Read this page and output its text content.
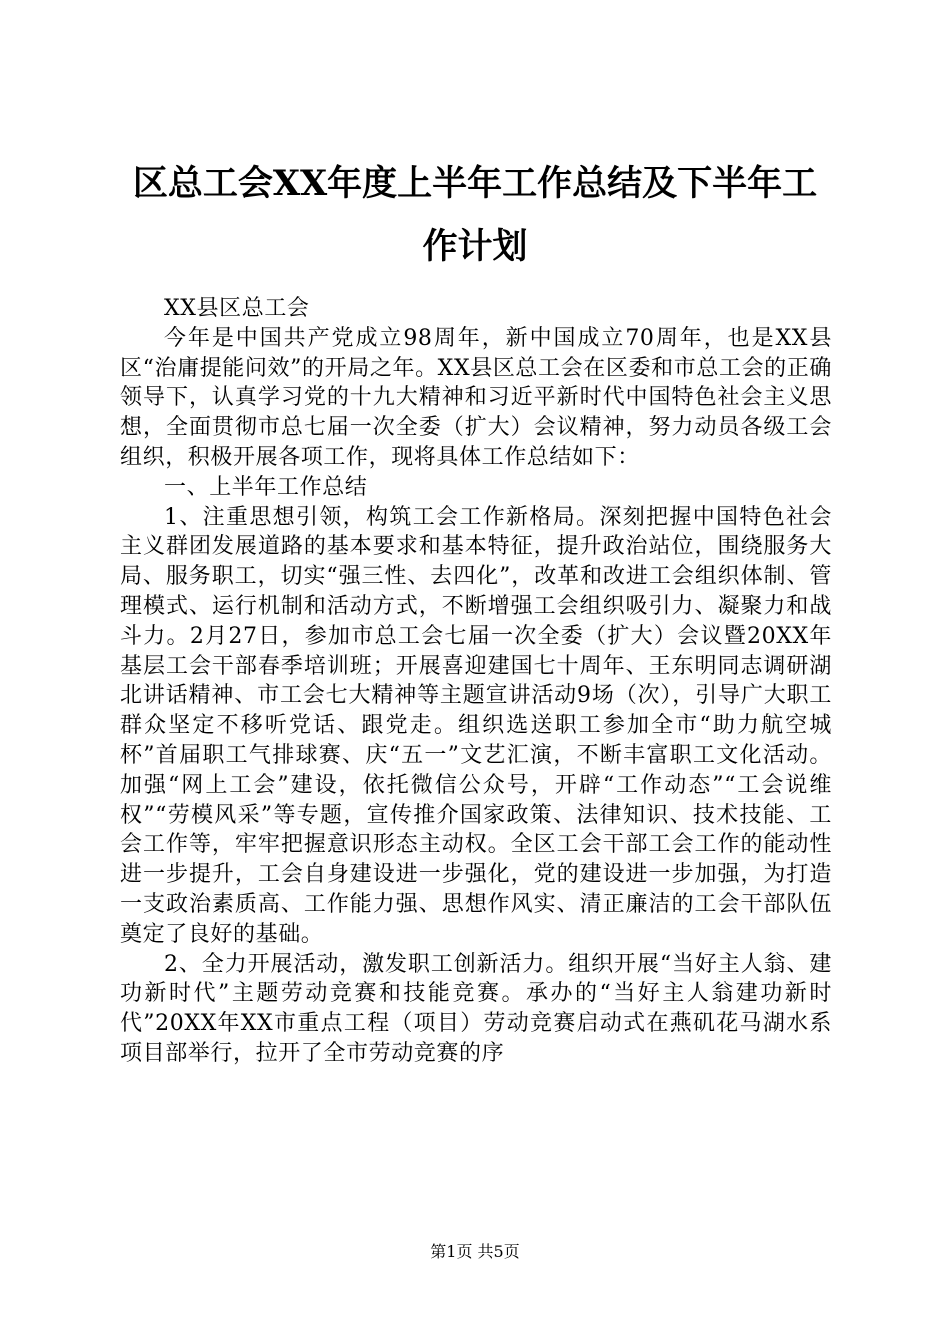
区总工会XX年度上半年工作总结及下半年工作计划

XX县区总工会

今年是中国共产党成立98周年，新中国成立70周年，也是XX县区“治庸提能问效”的开局之年。XX县区总工会在区委和市总工会的正确领导下，认真学习党的十九大精神和习近平新时代中国特色社会主义思想，全面贯彻市总七届一次全委（扩大）会议精神，努力动员各级工会组织，积极开展各项工作，现将具体工作总结如下：

一、上半年工作总结

1、注重思想引领，构筑工会工作新格局。深刻把握中国特色社会主义群团发展道路的基本要求和基本特征，提升政治站位，围绕服务大局、服务职工，切实“强三性、去四化”，改革和改进工会组织体制、管理模式、运行机制和活动方式，不断增强工会组织吸引力、凝聚力和战斗力。2月27日，参加市总工会七届一次全委（扩大）会议暨20XX年基层工会干部春季培训班；开展喜迎建国七十周年、王东明同志调研湖北讲话精神、市工会七大精神等主题宣讲活动9场（次），引导广大职工群众坚定不移听党话、跟党走。组织选送职工参加全市“助力航空城杯”首届职工气排球赛、庆“五一”文艺汇演，不断丰富职工文化活动。加强“网上工会”建设，依托微信公众号，开辟“工作动态”“工会说维权”“劳模风采”等专题，宣传推介国家政策、法律知识、技术技能、工会工作等，牢牢把握意识形态主动权。全区工会干部工会工作的能动性进一步提升，工会自身建设进一步强化，党的建设进一步加强，为打造一支政治素质高、工作能力强、思想作风实、清正廉洁的工会干部队伍奠定了良好的基础。

2、全力开展活动，激发职工创新活力。组织开展“当好主人翁、建功新时代”主题劳动竞赛和技能竞赛。承办的“当好主人翁建功新时代”20XX年XX市重点工程（项目）劳动竞赛启动式在燕矶花马湖水系项目部举行，拉开了全市劳动竞赛的序

第1页 共5页
